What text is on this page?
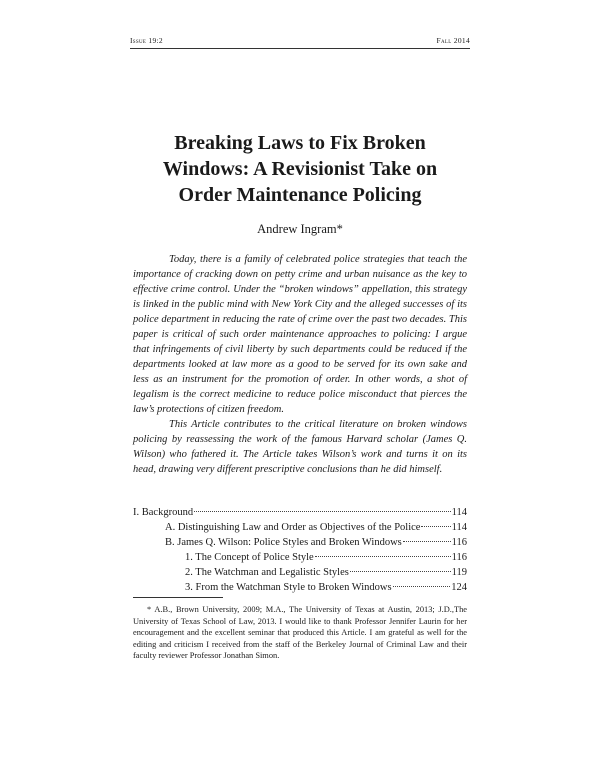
Issue 19:2	Fall 2014
Breaking Laws to Fix Broken
Windows: A Revisionist Take on
Order Maintenance Policing
Andrew Ingram*

Today, there is a family of celebrated police strategies that teach the importance of cracking down on petty crime and urban nuisance as the key to effective crime control. Under the “broken windows” appellation, this strategy is linked in the public mind with New York City and the alleged successes of its police department in reducing the rate of crime over the past two decades. This paper is critical of such order maintenance approaches to policing: I argue that infringements of civil liberty by such departments could be reduced if the departments looked at law more as a good to be served for its own sake and less as an instrument for the promotion of order. In other words, a shot of legalism is the correct medicine to reduce police misconduct that pierces the law’s protections of citizen freedom.

This Article contributes to the critical literature on broken windows policing by reassessing the work of the famous Harvard scholar (James Q. Wilson) who fathered it. The Article takes Wilson’s work and turns it on its head, drawing very different prescriptive conclusions than he did himself.

I. Background	114
A. Distinguishing Law and Order as Objectives of the Police	114
B. James Q. Wilson: Police Styles and Broken Windows	116
1. The Concept of Police Style	116
2. The Watchman and Legalistic Styles	119
3. From the Watchman Style to Broken Windows	124
* A.B., Brown University, 2009; M.A., The University of Texas at Austin, 2013; J.D.,The University of Texas School of Law, 2013. I would like to thank Professor Jennifer Laurin for her encouragement and the excellent seminar that produced this Article. I am grateful as well for the editing and criticism I received from the staff of the Berkeley Journal of Criminal Law and their faculty reviewer Professor Jonathan Simon.
